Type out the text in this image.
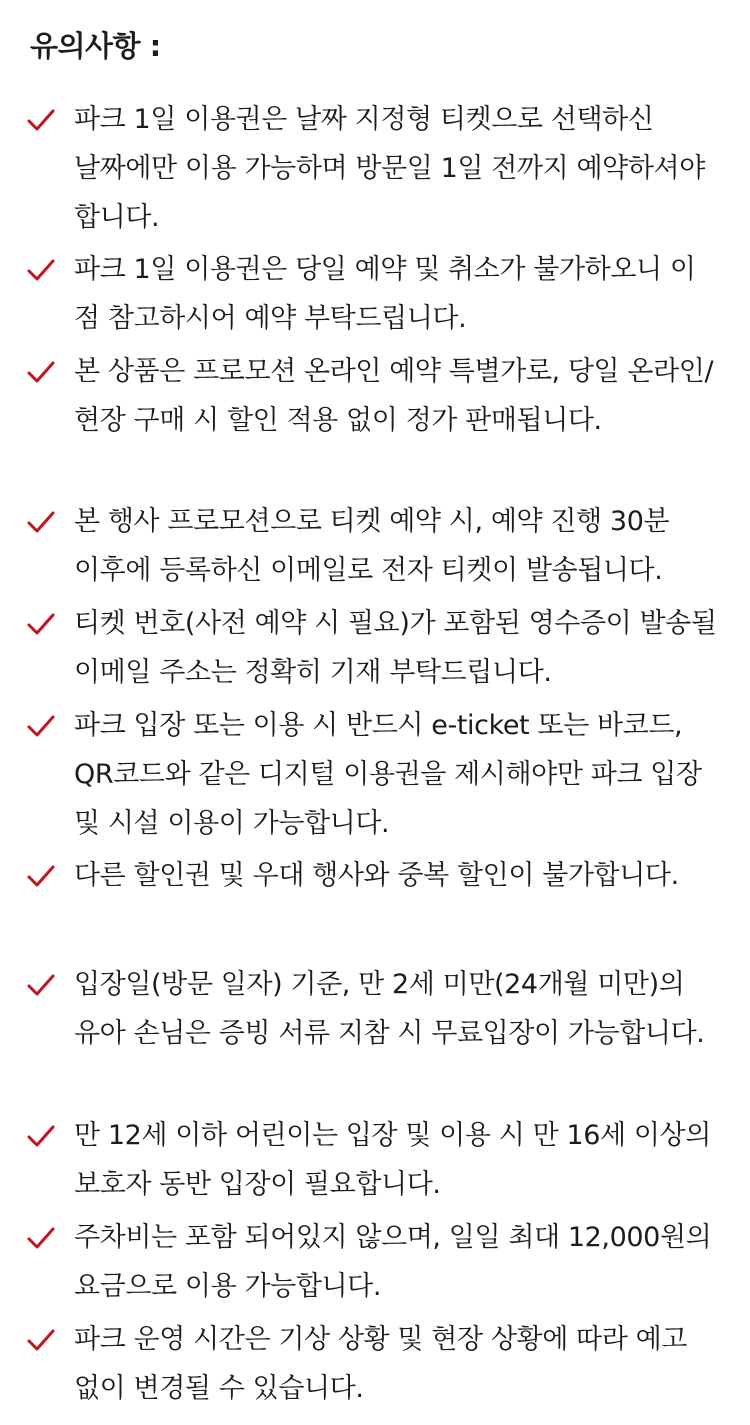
유의사항 :
파크 1일 이용권은 날짜 지정형 티켓으로 선택하신 날짜에만 이용 가능하며 방문일 1일 전까지 예약하셔야 합니다.
파크 1일 이용권은 당일 예약 및 취소가 불가하오니 이 점 참고하시어 예약 부탁드립니다.
본 상품은 프로모션 온라인 예약 특별가로, 당일 온라인/현장 구매 시 할인 적용 없이 정가 판매됩니다.
본 행사 프로모션으로 티켓 예약 시, 예약 진행 30분 이후에 등록하신 이메일로 전자 티켓이 발송됩니다.
티켓 번호(사전 예약 시 필요)가 포함된 영수증이 발송될 이메일 주소는 정확히 기재 부탁드립니다.
파크 입장 또는 이용 시 반드시 e-ticket 또는 바코드, QR코드와 같은 디지털 이용권을 제시해야만 파크 입장 및 시설 이용이 가능합니다.
다른 할인권 및 우대 행사와 중복 할인이 불가합니다.
입장일(방문 일자) 기준, 만 2세 미만(24개월 미만)의 유아 손님은 증빙 서류 지참 시 무료입장이 가능합니다.
만 12세 이하 어린이는 입장 및 이용 시 만 16세 이상의 보호자 동반 입장이 필요합니다.
주차비는 포함 되어있지 않으며, 일일 최대 12,000원의 요금으로 이용 가능합니다.
파크 운영 시간은 기상 상황 및 현장 상황에 따라 예고 없이 변경될 수 있습니다.
